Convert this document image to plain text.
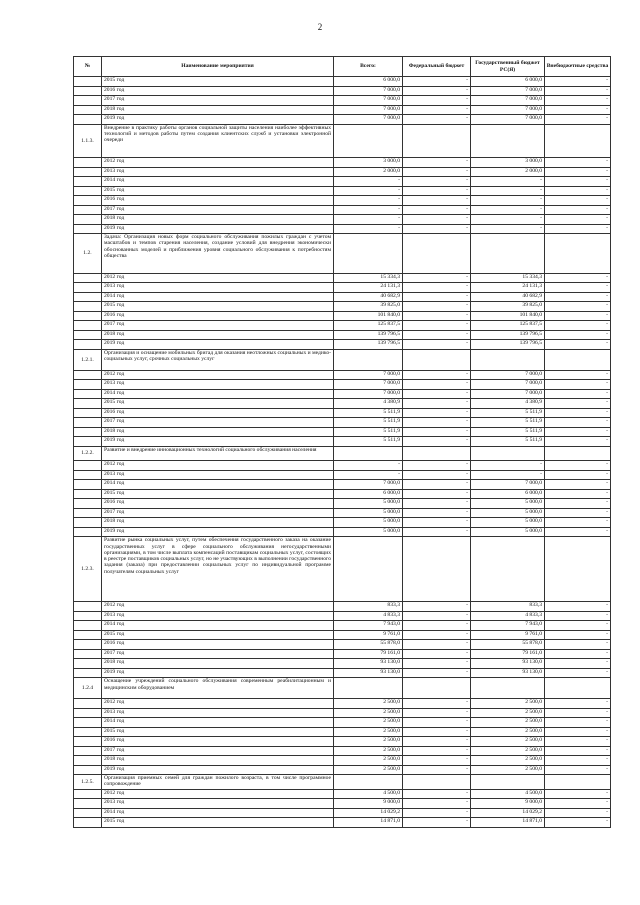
2
№	Наименование мероприятия	Всего:	Федеральный бюджет	Государственный бюджет РС(Я)	Внебюджетные средства
	2015 год	6 000,0	-	6 000,0	-
	2016 год	7 000,0	-	7 000,0	-
	2017 год	7 000,0	-	7 000,0	-
	2018 год	7 000,0	-	7 000,0	-
	2019 год	7 000,0	-	7 000,0	-
1.1.3.	Внедрение в практику работы органов социальной защиты населения наиболее эффективных технологий и методов работы путем создания клиентских служб и установки электронной очереди				
	2012 год	3 000,0	-	3 000,0	-
	2013 год	2 000,0	-	2 000,0	-
	2014 год	-	-	-	-
	2015 год	-	-	-	-
	2016 год	-	-	-	-
	2017 год	-	-	-	-
	2018 год	-	-	-	-
	2019 год	-	-	-	-
1.2.	Задача: Организация новых форм социального обслуживания пожилых граждан с учетом масштабов и темпов старения населения, создание условий для внедрения экономически обоснованных моделей и приближения уровня социального обслуживания к потребностям общества				
	2012 год	15 334,3	-	15 334,3	-
	2013 год	24 131,3	-	24 131,3	-
	2014 год	40 682,9	-	40 682,9	-
	2015 год	39 825,0	-	39 825,0	-
	2016 год	101 840,0	-	101 840,0	-
	2017 год	125 837,5	-	125 837,5	-
	2018 год	139 796,5	-	139 796,5	-
	2019 год	139 796,5	-	139 796,5	-
1.2.1.	Организация и оснащение мобильных бригад для оказания неотложных социальных и медико-социальных услуг, срочных социальных услуг				
	2012 год	7 000,0	-	7 000,0	-
	2013 год	7 000,0	-	7 000,0	-
	2014 год	7 000,0	-	7 000,0	-
	2015 год	4 380,9	-	4 380,9	-
	2016 год	5 511,9	-	5 511,9	-
	2017 год	5 511,9	-	5 511,9	-
	2018 год	5 511,9	-	5 511,9	-
	2019 год	5 511,9	-	5 511,9	-
1.2.2.	Развитие и внедрение инновационных технологий социального обслуживания населения				
	2012 год	-	-	-	-
	2013 год	-	-	-	-
	2014 год	7 000,0	-	7 000,0	-
	2015 год	6 000,0	-	6 000,0	-
	2016 год	5 000,0	-	5 000,0	-
	2017 год	5 000,0	-	5 000,0	-
	2018 год	5 000,0	-	5 000,0	-
	2019 год	5 000,0	-	5 000,0	-
1.2.3.	Развитие рынка социальных услуг, путем обеспечения государственного заказа на оказание государственных услуг в сфере социального обслуживания негосударственными организациями, в том числе выплата компенсаций поставщикам социальных услуг, состоящих в реестре поставщиков социальных услуг, но не участвующих в выполнении государственного задания (заказа) при предоставлении социальных услуг по индивидуальной программе получателям социальных услуг				
	2012 год	833,3	-	833,3	-
	2013 год	4 833,3	-	4 833,3	-
	2014 год	7 943,0	-	7 943,0	-
	2015 год	9 761,0	-	9 761,0	-
	2016 год	55 878,0	-	55 878,0	-
	2017 год	79 161,0	-	79 161,0	-
	2018 год	93 130,0	-	93 130,0	-
	2019 год	93 130,0	-	93 130,0	-
1.2.4	Оснащение учреждений социального обслуживания современным реабилитационным и медицинским оборудованием				
	2012 год	2 500,0	-	2 500,0	-
	2013 год	2 500,0	-	2 500,0	-
	2014 год	2 500,0	-	2 500,0	-
	2015 год	2 500,0	-	2 500,0	-
	2016 год	2 500,0	-	2 500,0	-
	2017 год	2 500,0	-	2 500,0	-
	2018 год	2 500,0	-	2 500,0	-
	2019 год	2 500,0	-	2 500,0	-
1.2.5.	Организация приемных семей для граждан пожилого возраста, в том числе программное сопровождение				
	2012 год	4 500,0	-	4 500,0	-
	2013 год	9 000,0	-	9 000,0	-
	2014 год	14 029,2	-	14 029,2	-
	2015 год	14 871,0	-	14 871,0	-
